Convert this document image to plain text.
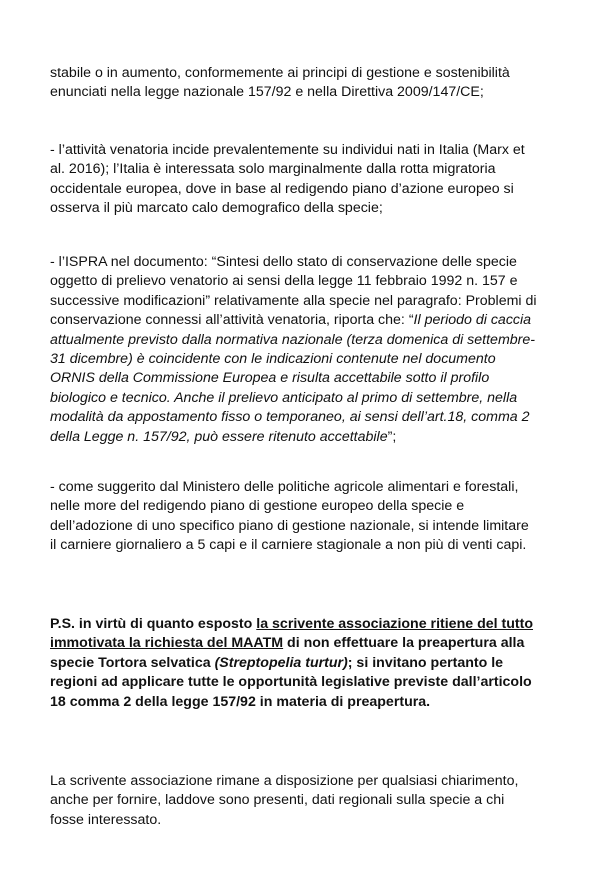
stabile o in aumento, conformemente ai principi di gestione e sostenibilità
enunciati nella legge nazionale 157/92 e nella Direttiva 2009/147/CE;

- l’attività venatoria incide prevalentemente su individui nati in Italia (Marx et
al. 2016); l’Italia è interessata solo marginalmente dalla rotta migratoria
occidentale europea, dove in base al redigendo piano d’azione europeo si
osserva il più marcato calo demografico della specie;

- l’ISPRA nel documento: “Sintesi dello stato di conservazione delle specie
oggetto di prelievo venatorio ai sensi della legge 11 febbraio 1992 n. 157 e
successive modificazioni” relativamente alla specie nel paragrafo: Problemi di
conservazione connessi all’attività venatoria, riporta che: “Il periodo di caccia
attualmente previsto dalla normativa nazionale (terza domenica di settembre-
31 dicembre) è coincidente con le indicazioni contenute nel documento
ORNIS della Commissione Europea e risulta accettabile sotto il profilo
biologico e tecnico. Anche il prelievo anticipato al primo di settembre, nella
modalità da appostamento fisso o temporaneo, ai sensi dell’art.18, comma 2
della Legge n. 157/92, può essere ritenuto accettabile”;

- come suggerito dal Ministero delle politiche agricole alimentari e forestali,
nelle more del redigendo piano di gestione europeo della specie e
dell’adozione di uno specifico piano di gestione nazionale, si intende limitare
il carniere giornaliero a 5 capi e il carniere stagionale a non più di venti capi.

P.S. in virtù di quanto esposto la scrivente associazione ritiene del tutto
immotivata la richiesta del MAATM di non effettuare la preapertura alla
specie Tortora selvatica (Streptopelia turtur); si invitano pertanto le
regioni ad applicare tutte le opportunità legislative previste dall’articolo
18 comma 2 della legge 157/92 in materia di preapertura.

La scrivente associazione rimane a disposizione per qualsiasi chiarimento,
anche per fornire, laddove sono presenti, dati regionali sulla specie a chi
fosse interessato.
